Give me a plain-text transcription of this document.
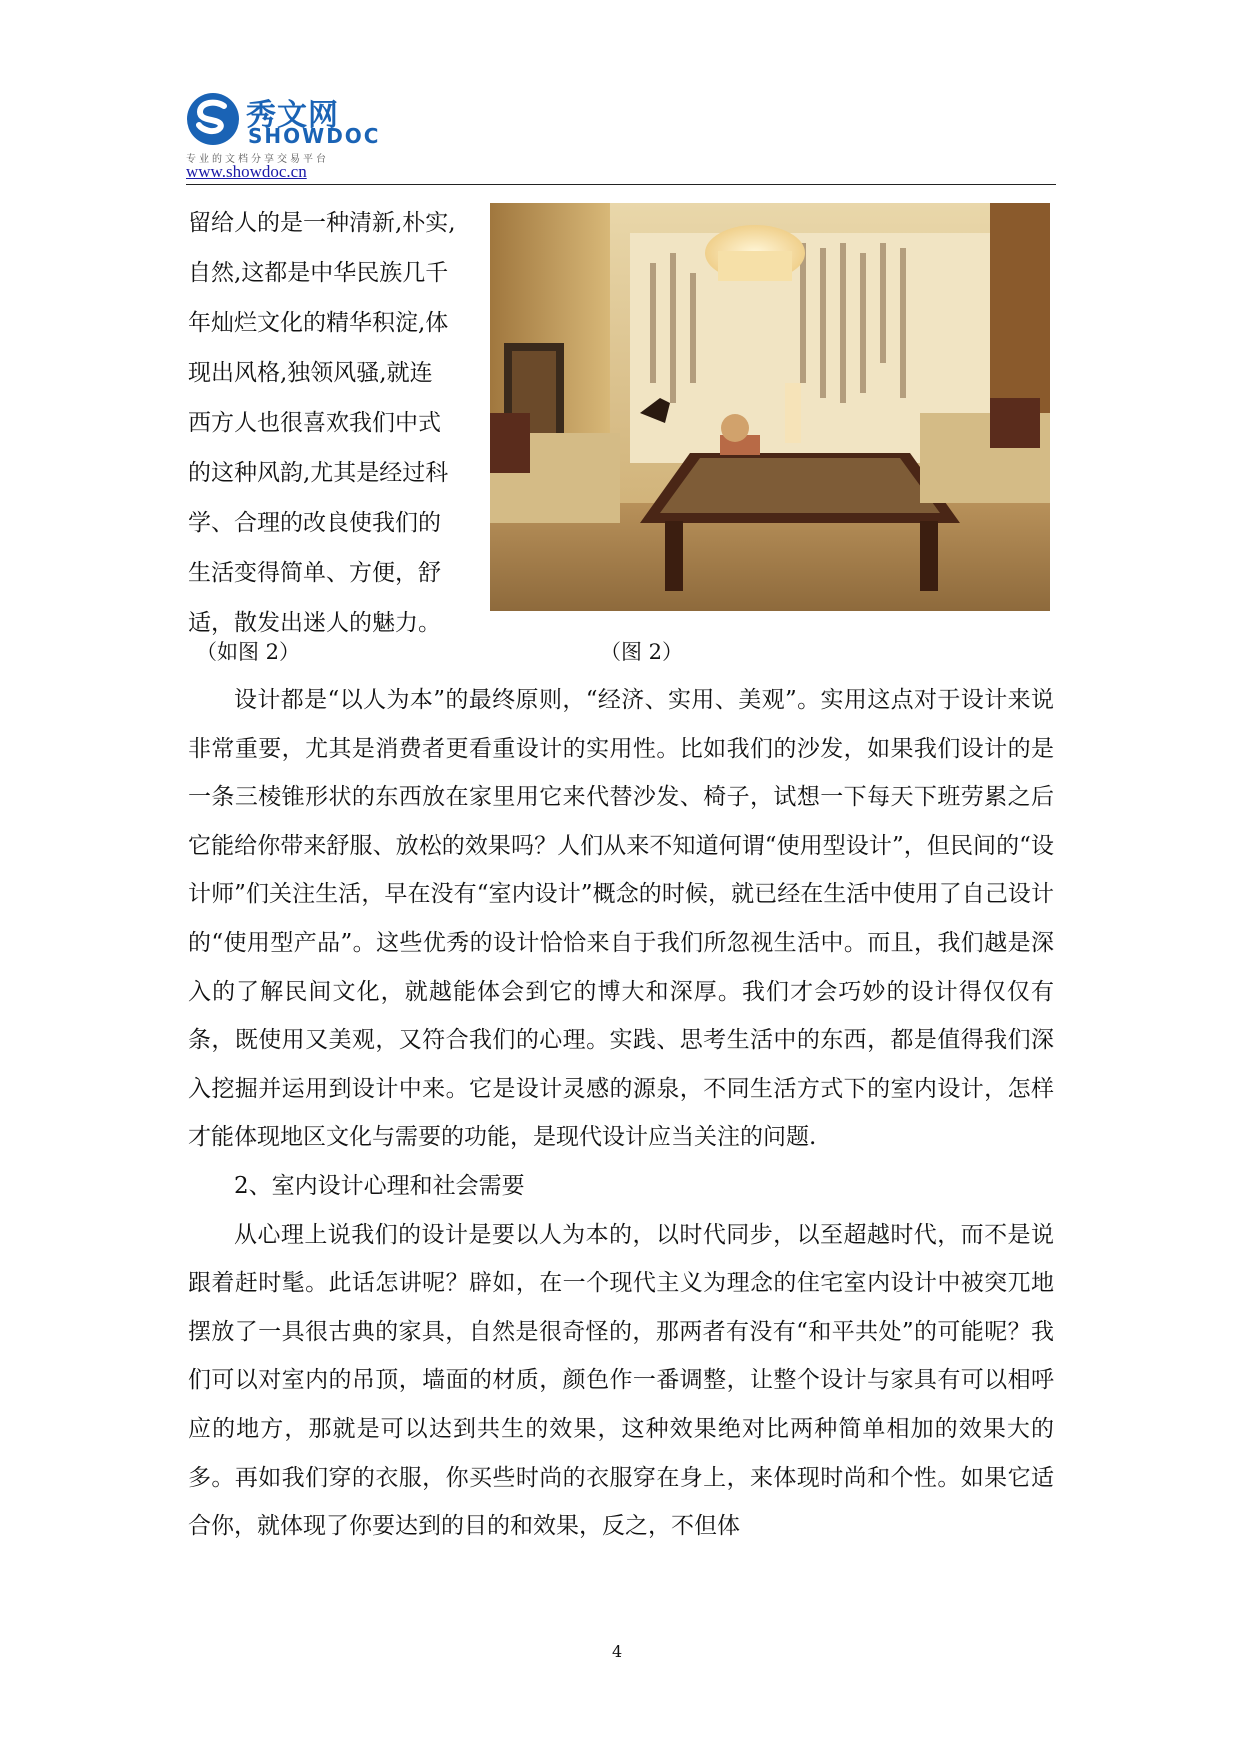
秀文网
SHOWDOC
专业的文档分享交易平台
www.showdoc.cn

留给人的是一种清新,朴实,

自然,这都是中华民族几千

年灿烂文化的精华积淀,体

现出风格,独领风骚,就连

西方人也很喜欢我们中式

的这种风韵,尤其是经过科

学、合理的改良使我们的

生活变得简单、方便，舒

适，散发出迷人的魅力。

（如图 2）	（图 2）

设计都是“以人为本”的最终原则，“经济、实用、美观”。实用这点对于设计来说非常重要，尤其是消费者更看重设计的实用性。比如我们的沙发，如果我们设计的是一条三棱锥形状的东西放在家里用它来代替沙发、椅子，试想一下每天下班劳累之后它能给你带来舒服、放松的效果吗？人们从来不知道何谓“使用型设计”，但民间的“设计师”们关注生活，早在没有“室内设计”概念的时候，就已经在生活中使用了自己设计的“使用型产品”。这些优秀的设计恰恰来自于我们所忽视生活中。而且，我们越是深入的了解民间文化，就越能体会到它的博大和深厚。我们才会巧妙的设计得仅仅有条，既使用又美观，又符合我们的心理。实践、思考生活中的东西，都是值得我们深入挖掘并运用到设计中来。它是设计灵感的源泉，不同生活方式下的室内设计，怎样才能体现地区文化与需要的功能，是现代设计应当关注的问题.

2、室内设计心理和社会需要

从心理上说我们的设计是要以人为本的，以时代同步，以至超越时代，而不是说跟着赶时髦。此话怎讲呢？辟如，在一个现代主义为理念的住宅室内设计中被突兀地摆放了一具很古典的家具，自然是很奇怪的，那两者有没有“和平共处”的可能呢？我们可以对室内的吊顶，墙面的材质，颜色作一番调整，让整个设计与家具有可以相呼应的地方，那就是可以达到共生的效果，这种效果绝对比两种简单相加的效果大的多。再如我们穿的衣服，你买些时尚的衣服穿在身上，来体现时尚和个性。如果它适合你，就体现了你要达到的目的和效果，反之，不但体

4
